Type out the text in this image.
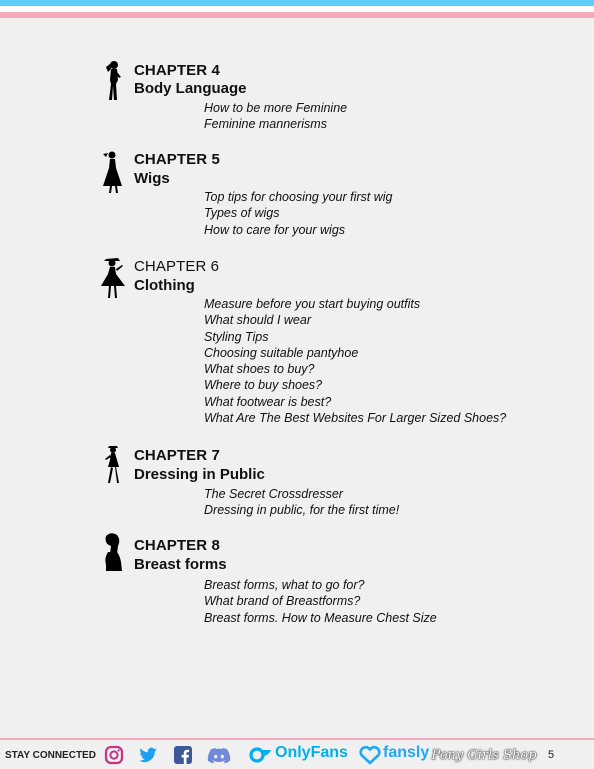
CHAPTER 4
Body Language
How to be more Feminine
Feminine mannerisms
CHAPTER 5
Wigs
Top tips for choosing your first wig
Types of wigs
How to care for your wigs
CHAPTER 6
Clothing
Measure before you start buying outfits
What should I wear
Styling Tips
Choosing suitable pantyhoe
What shoes to buy?
Where to buy shoes?
What footwear is best?
What Are The Best Websites For Larger Sized Shoes?
CHAPTER 7
Dressing in Public
The Secret Crossdresser
Dressing in public, for the first time!
CHAPTER 8
Breast forms
Breast forms, what to go for?
What brand of Breastforms?
Breast forms. How to Measure Chest Size
STAY CONNECTED	OnlyFans fansly Pony Girls Shop 5
